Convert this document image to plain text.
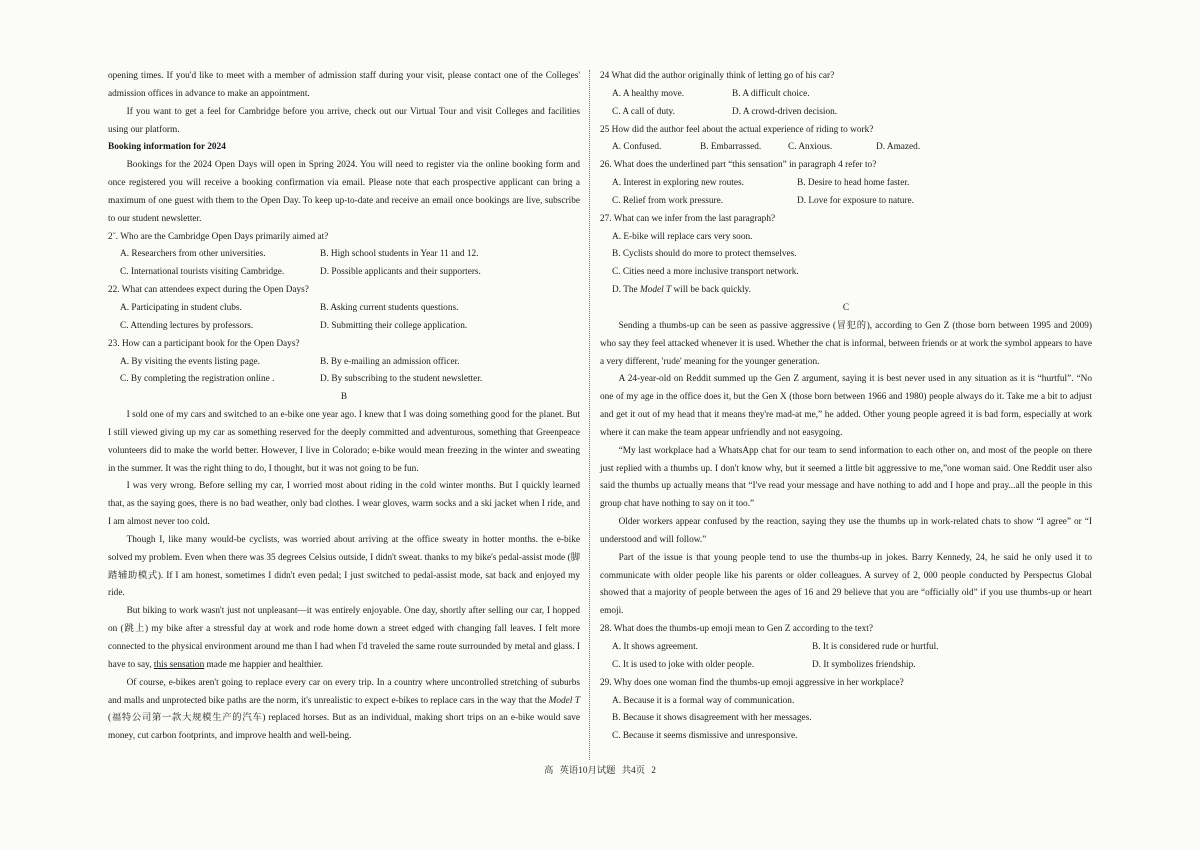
opening times. If you'd like to meet with a member of admission staff during your visit, please contact one of the Colleges' admission offices in advance to make an appointment.

If you want to get a feel for Cambridge before you arrive, check out our Virtual Tour and visit Colleges and facilities using our platform.

Booking information for 2024

Bookings for the 2024 Open Days will open in Spring 2024. You will need to register via the online booking form and once registered you will receive a booking confirmation via email. Please note that each prospective applicant can bring a maximum of one guest with them to the Open Day. To keep up-to-date and receive an email once bookings are live, subscribe to our student newsletter.

2˘. Who are the Cambridge Open Days primarily aimed at?

A. Researchers from other universities.	B. High school students in Year 11 and 12.
C. International tourists visiting Cambridge.	D. Possible applicants and their supporters.

22. What can attendees expect during the Open Days?

A. Participating in student clubs.	B. Asking current students questions.
C. Attending lectures by professors.	D. Submitting their college application.

23. How can a participant book for the Open Days?

A. By visiting the events listing page.	B. By e-mailing an admission officer.
C. By completing the registration online .	D. By subscribing to the student newsletter.

B

I sold one of my cars and switched to an e-bike one year ago. I knew that I was doing something good for the planet. But I still viewed giving up my car as something reserved for the deeply committed and adventurous, something that Greenpeace volunteers did to make the world better. However, I live in Colorado; e-bike would mean freezing in the winter and sweating in the summer. It was the right thing to do, I thought, but it was not going to be fun.

I was very wrong. Before selling my car, I worried most about riding in the cold winter months. But I quickly learned that, as the saying goes, there is no bad weather, only bad clothes. I wear gloves, warm socks and a ski jacket when I ride, and I am almost never too cold.

Though I, like many would-be cyclists, was worried about arriving at the office sweaty in hotter months. the e-bike solved my problem. Even when there was 35 degrees Celsius outside, I didn't sweat. thanks to my bike's pedal-assist mode (脚踏辅助模式). If I am honest, sometimes I didn't even pedal; I just switched to pedal-assist mode, sat back and enjoyed my ride.

But biking to work wasn't just not unpleasant—it was entirely enjoyable. One day, shortly after selling our car, I hopped on (跳上) my bike after a stressful day at work and rode home down a street edged with changing fall leaves. I felt more connected to the physical environment around me than I had when I'd traveled the same route surrounded by metal and glass. I have to say, this sensation made me happier and healthier.

Of course, e-bikes aren't going to replace every car on every trip. In a country where uncontrolled stretching of suburbs and malls and unprotected bike paths are the norm, it's unrealistic to expect e-bikes to replace cars in the way that the Model T (福特公司第一款大规模生产的汽车) replaced horses. But as an individual, making short trips on an e-bike would save money, cut carbon footprints, and improve health and well-being.

24 What did the author originally think of letting go of his car?

A. A healthy move.	B. A difficult choice.
C. A call of duty.	D. A crowd-driven decision.

25 How did the author feel about the actual experience of riding to work?

A. Confused.	B. Embarrassed.	C. Anxious.	D. Amazed.

26. What does the underlined part “this sensation” in paragraph 4 refer to?

A. Interest in exploring new routes.	B. Desire to head home faster.
C. Relief from work pressure.	D. Love for exposure to nature.

27. What can we infer from the last paragraph?

A. E-bike will replace cars very soon.

B. Cyclists should do more to protect themselves.

C. Cities need a more inclusive transport network.

D. The Model T will be back quickly.

C

Sending a thumbs-up can be seen as passive aggressive (冒犯的), according to Gen Z (those born between 1995 and 2009) who say they feel attacked whenever it is used. Whether the chat is informal, between friends or at work the symbol appears to have a very different, 'rude' meaning for the younger generation.

A 24-year-old on Reddit summed up the Gen Z argument, saying it is best never used in any situation as it is “hurtful”. “No one of my age in the office does it, but the Gen X (those born between 1966 and 1980) people always do it. Take me a bit to adjust and get it out of my head that it means they're mad-at me,” he added. Other young people agreed it is bad form, especially at work where it can make the team appear unfriendly and not easygoing.

“My last workplace had a WhatsApp chat for our team to send information to each other on, and most of the people on there just replied with a thumbs up. I don't know why, but it seemed a little bit aggressive to me,”one woman said. One Reddit user also said the thumbs up actually means that “I've read your message and have nothing to add and I hope and pray...all the people in this group chat have nothing to say on it too.”

Older workers appear confused by the reaction, saying they use the thumbs up in work-related chats to show “I agree” or “I understood and will follow.”

Part of the issue is that young people tend to use the thumbs-up in jokes. Barry Kennedy, 24, he said he only used it to communicate with older people like his parents or older colleagues. A survey of 2, 000 people conducted by Perspectus Global showed that a majority of people between the ages of 16 and 29 believe that you are “officially old” if you use thumbs-up or heart emoji.

28. What does the thumbs-up emoji mean to Gen Z according to the text?

A. It shows agreement.	B. It is considered rude or hurtful.
C. It is used to joke with older people.	D. It symbolizes friendship.

29. Why does one woman find the thumbs-up emoji aggressive in her workplace?

A. Because it is a formal way of communication.

B. Because it shows disagreement with her messages.

C. Because it seems dismissive and unresponsive.

高 英语10月试题 共4页 2
